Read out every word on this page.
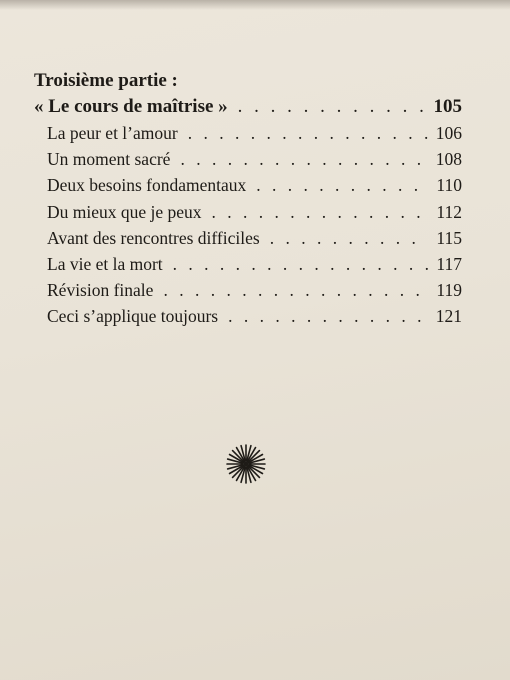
Troisième partie :
« Le cours de maîtrise » . . .	105
La peur et l’amour . . .	106
Un moment sacré . . .	108
Deux besoins fondamentaux . . .	110
Du mieux que je peux . . .	112
Avant des rencontres difficiles . . .	115
La vie et la mort . . .	117
Révision finale . . .	119
Ceci s’applique toujours . . .	121
